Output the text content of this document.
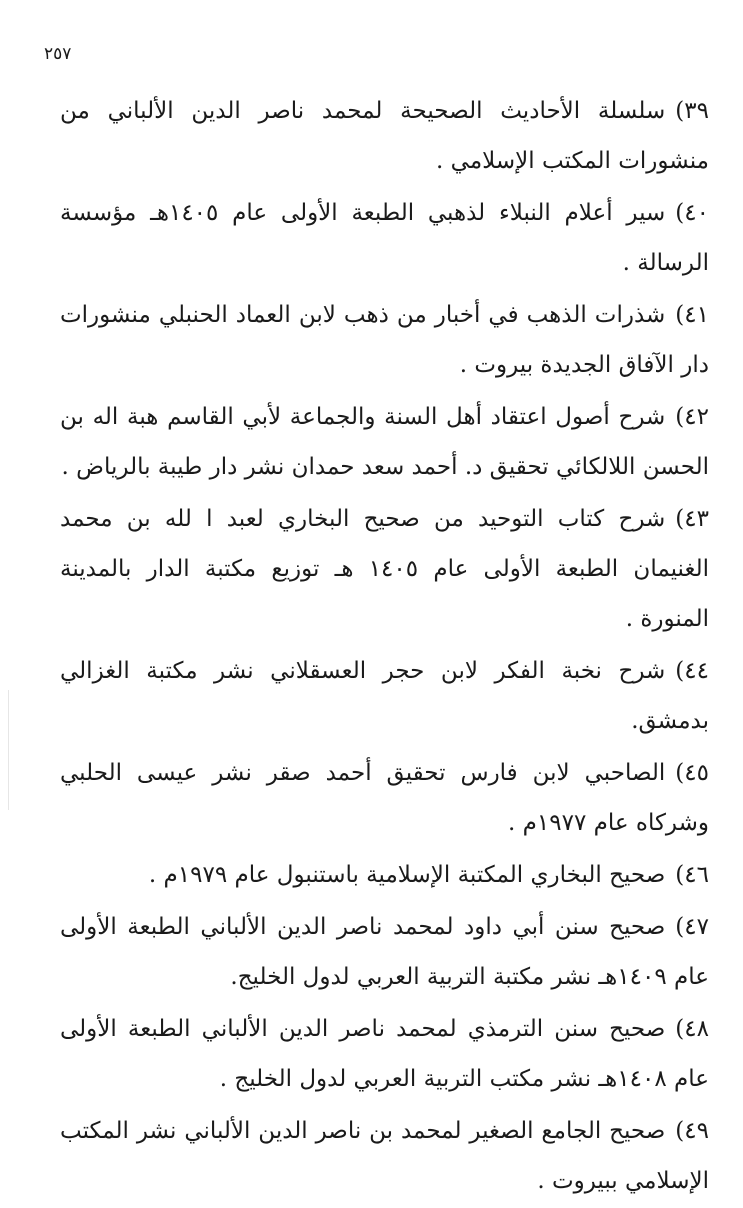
٢٥٧

٣٩)سلسلة الأحاديث الصحيحة لمحمد ناصر الدين الألباني من منشورات المكتب الإسلامي .

٤٠)سير أعلام النبلاء لذهبي الطبعة الأولى عام ١٤٠٥هـ مؤسسة الرسالة .

٤١)شذرات الذهب في أخبار من ذهب لابن العماد الحنبلي منشورات دار الآفاق الجديدة بيروت .

٤٢)شرح أصول اعتقاد أهل السنة والجماعة لأبي القاسم هبة اله بن الحسن اللالكائي تحقيق د. أحمد سعد حمدان نشر دار طيبة بالرياض .

٤٣)شرح كتاب التوحيد من صحيح البخاري لعبد ا لله بن محمد الغنيمان الطبعة الأولى عام ١٤٠٥ هـ توزيع مكتبة الدار بالمدينة المنورة .

٤٤)شرح نخبة الفكر لابن حجر العسقلاني نشر مكتبة الغزالي بدمشق.

٤٥)الصاحبي لابن فارس تحقيق أحمد صقر نشر عيسى الحلبي وشركاه عام ١٩٧٧م .

٤٦)صحيح البخاري المكتبة الإسلامية باستنبول عام ١٩٧٩م .

٤٧)صحيح سنن أبي داود لمحمد ناصر الدين الألباني الطبعة الأولى عام ١٤٠٩هـ نشر مكتبة التربية العربي لدول الخليج.

٤٨)صحيح سنن الترمذي لمحمد ناصر الدين الألباني الطبعة الأولى عام ١٤٠٨هـ نشر مكتب التربية العربي لدول الخليج .

٤٩)صحيح الجامع الصغير لمحمد بن ناصر الدين الألباني نشر المكتب الإسلامي ببيروت .
